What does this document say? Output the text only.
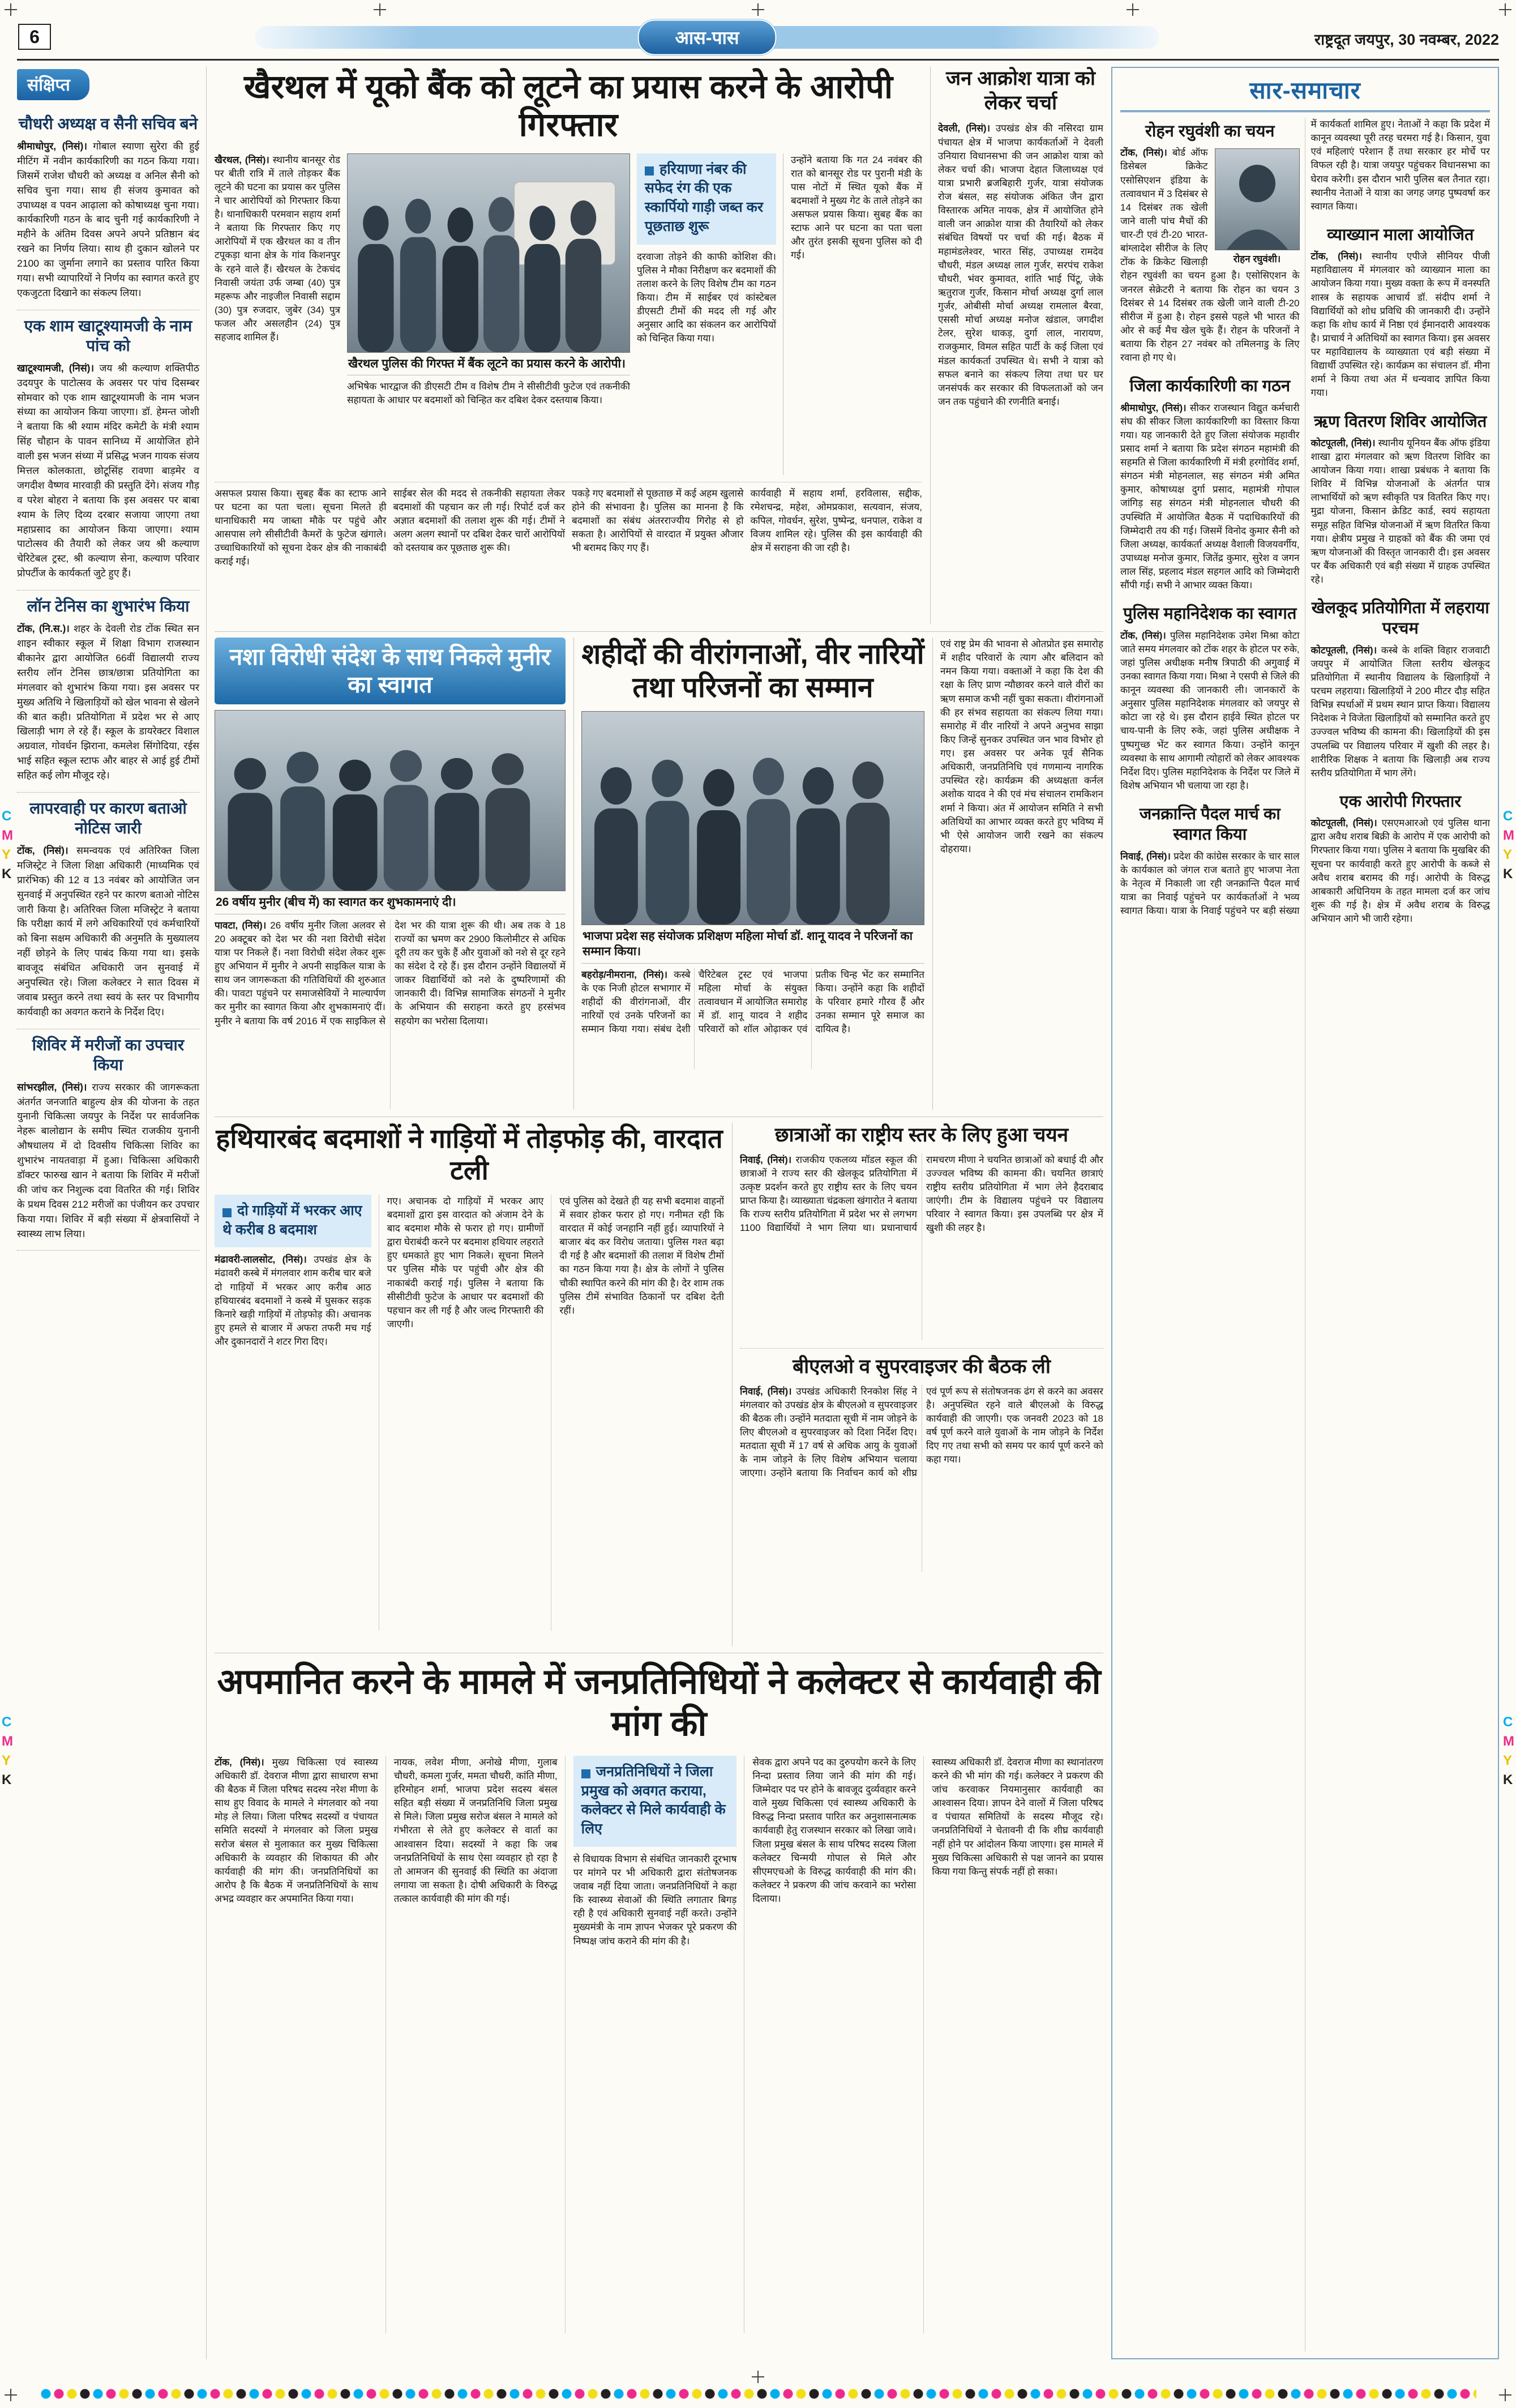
6	आस-पास	राष्ट्रदूत जयपुर, 30 नवम्बर, 2022
संक्षिप्त
चौधरी अध्यक्ष व सैनी सचिव बने

श्रीमाधोपुर, (निसं)। गोबाल स्याणा सुरेरा की हुई मीटिंग में नवीन कार्यकारिणी का गठन किया गया। जिसमें राजेश चौधरी को अध्यक्ष व अनिल सैनी को सचिव चुना गया। साथ ही संजय कुमावत को उपाध्यक्ष व पवन आढ़ाला को कोषाध्यक्ष चुना गया। कार्यकारिणी गठन के बाद चुनी गई कार्यकारिणी ने महीने के अंतिम दिवस अपने अपने प्रतिष्ठान बंद रखने का निर्णय लिया। साथ ही दुकान खोलने पर 2100 का जुर्माना लगाने का प्रस्ताव पारित किया गया। सभी व्यापारियों ने निर्णय का स्वागत करते हुए एकजुटता दिखाने का संकल्प लिया।

एक शाम खाटूश्यामजी के नाम पांच को

खाटूश्यामजी, (निसं)। जय श्री कल्याण शक्तिपीठ उदयपुर के पाटोत्सव के अवसर पर पांच दिसम्बर सोमवार को एक शाम खाटूश्यामजी के नाम भजन संध्या का आयोजन किया जाएगा। डॉ. हेमन्त जोशी ने बताया कि श्री श्याम मंदिर कमेटी के मंत्री श्याम सिंह चौहान के पावन सानिध्य में आयोजित होने वाली इस भजन संध्या में प्रसिद्ध भजन गायक संजय मित्तल कोलकाता, छोटूसिंह रावणा बाड़मेर व जगदीश वैष्णव मारवाड़ी की प्रस्तुति देंगे। संजय गौड़ व परेश बोहरा ने बताया कि इस अवसर पर बाबा श्याम के लिए दिव्य दरबार सजाया जाएगा तथा महाप्रसाद का आयोजन किया जाएगा। श्याम पाटोत्सव की तैयारी को लेकर जय श्री कल्याण चेरिटेबल ट्रस्ट, श्री कल्याण सेना, कल्याण परिवार प्रोपर्टीज के कार्यकर्ता जुटे हुए हैं।

लॉन टेनिस का शुभारंभ किया

टोंक, (नि.स.)। शहर के देवली रोड टोंक स्थित सन शाइन स्वीकार स्कूल में शिक्षा विभाग राजस्थान बीकानेर द्वारा आयोजित 66वीं विद्यालयी राज्य स्तरीय लॉन टेनिस छात्र/छात्रा प्रतियोगिता का मंगलवार को शुभारंभ किया गया। इस अवसर पर मुख्य अतिथि ने खिलाड़ियों को खेल भावना से खेलने की बात कही। प्रतियोगिता में प्रदेश भर से आए खिलाड़ी भाग ले रहे हैं। स्कूल के डायरेक्टर विशाल अग्रवाल, गोवर्धन झिराना, कमलेश सिंगोदिया, रईस भाई सहित स्कूल स्टाफ और बाहर से आई हुई टीमों सहित कई लोग मौजूद रहे।

लापरवाही पर कारण बताओ नोटिस जारी

टोंक, (निसं)। समन्वयक एवं अतिरिक्त जिला मजिस्ट्रेट ने जिला शिक्षा अधिकारी (माध्यमिक एवं प्रारंभिक) की 12 व 13 नवंबर को आयोजित जन सुनवाई में अनुपस्थित रहने पर कारण बताओ नोटिस जारी किया है। अतिरिक्त जिला मजिस्ट्रेट ने बताया कि परीक्षा कार्य में लगे अधिकारियों एवं कर्मचारियों को बिना सक्षम अधिकारी की अनुमति के मुख्यालय नहीं छोड़ने के लिए पाबंद किया गया था। इसके बावजूद संबंधित अधिकारी जन सुनवाई में अनुपस्थित रहे। जिला कलेक्टर ने सात दिवस में जवाब प्रस्तुत करने तथा स्वयं के स्तर पर विभागीय कार्यवाही का अवगत कराने के निर्देश दिए।

शिविर में मरीजों का उपचार किया

सांभरझील, (निसं)। राज्य सरकार की जागरूकता अंतर्गत जनजाति बाहुल्य क्षेत्र की योजना के तहत युनानी चिकित्सा जयपुर के निर्देश पर सार्वजनिक नेहरू बालोद्यान के समीप स्थित राजकीय युनानी औषधालय में दो दिवसीय चिकित्सा शिविर का शुभारंभ नायतवाड़ा में हुआ। चिकित्सा अधिकारी डॉक्टर फारुख खान ने बताया कि शिविर में मरीजों की जांच कर निशुल्क दवा वितरित की गई। शिविर के प्रथम दिवस 212 मरीजों का पंजीयन कर उपचार किया गया। शिविर में बड़ी संख्या में क्षेत्रवासियों ने स्वास्थ्य लाभ लिया।

खैरथल में यूको बैंक को लूटने का प्रयास करने के आरोपी गिरफ्तार
खैरथल, (निसं)। स्थानीय बानसूर रोड पर बीती रात्रि में ताले तोड़कर बैंक लूटने की घटना का प्रयास कर पुलिस ने चार आरोपियों को गिरफ्तार किया है। थानाधिकारी परमवान सहाय शर्मा ने बताया कि गिरफ्तार किए गए आरोपियों में एक खैरथल का व तीन टपूकड़ा थाना क्षेत्र के गांव किशनपुर के रहने वाले हैं। खैरथल के टेकचंद निवासी जयंता उर्फ जम्बा (40) पुत्र महरूफ और नाइजील निवासी सद्दाम (30) पुत्र रुजदार, जुबेर (34) पुत्र फजल और असलहीन (24) पुत्र सहजाद शामिल हैं।
खैरथल पुलिस की गिरफ्त में बैंक लूटने का प्रयास करने के आरोपी।

अभिषेक भारद्वाज की डीएसटी टीम व विशेष टीम ने सीसीटीवी फुटेज एवं तकनीकी सहायता के आधार पर बदमाशों को चिन्हित कर दबिश देकर दस्तयाब किया।

हरियाणा नंबर की सफेद रंग की एक स्कार्पियो गाड़ी जब्त कर पूछताछ शुरू

दरवाजा तोड़ने की काफी कोशिश की। पुलिस ने मौका निरीक्षण कर बदमाशों की तलाश करने के लिए विशेष टीम का गठन किया। टीम में साईबर एवं कांस्टेबल डीएसटी टीमों की मदद ली गई और अनुसार आदि का संकलन कर आरोपियों को चिन्हित किया गया।

उन्होंने बताया कि गत 24 नवंबर की रात को बानसूर रोड पर पुरानी मंडी के पास नोटों में स्थित यूको बैंक में बदमाशों ने मुख्य गेट के ताले तोड़ने का असफल प्रयास किया। सुबह बैंक का स्टाफ आने पर घटना का पता चला और तुरंत इसकी सूचना पुलिस को दी गई।
असफल प्रयास किया। सुबह बैंक का स्टाफ आने पर घटना का पता चला। सूचना मिलते ही थानाधिकारी मय जाब्ता मौके पर पहुंचे और आसपास लगे सीसीटीवी कैमरों के फुटेज खंगाले। उच्चाधिकारियों को सूचना देकर क्षेत्र की नाकाबंदी कराई गई।
साईबर सेल की मदद से तकनीकी सहायता लेकर बदमाशों की पहचान कर ली गई। रिपोर्ट दर्ज कर अज्ञात बदमाशों की तलाश शुरू की गई। टीमों ने अलग अलग स्थानों पर दबिश देकर चारों आरोपियों को दस्तयाब कर पूछताछ शुरू की।
पकड़े गए बदमाशों से पूछताछ में कई अहम खुलासे होने की संभावना है। पुलिस का मानना है कि बदमाशों का संबंध अंतरराज्यीय गिरोह से हो सकता है। आरोपियों से वारदात में प्रयुक्त औजार भी बरामद किए गए हैं।
कार्यवाही में सहाय शर्मा, हरविलास, सद्दीक, रमेशचन्द्र, महेश, ओमप्रकाश, सत्यवान, संजय, कपिल, गोवर्धन, सुरेश, पुष्पेन्द्र, धनपाल, राकेश व विजय शामिल रहे। पुलिस की इस कार्यवाही की क्षेत्र में सराहना की जा रही है।
जन आक्रोश यात्रा को लेकर चर्चा

देवली, (निसं)। उपखंड क्षेत्र की नसिरदा ग्राम पंचायत क्षेत्र में भाजपा कार्यकर्ताओं ने देवली उनियारा विधानसभा की जन आक्रोश यात्रा को लेकर चर्चा की। भाजपा देहात जिलाध्यक्ष एवं यात्रा प्रभारी ब्रजबिहारी गुर्जर, यात्रा संयोजक रोज बंसल, सह संयोजक अंकित जैन द्वारा विस्तारक अमित नायक, क्षेत्र में आयोजित होने वाली जन आक्रोश यात्रा की तैयारियों को लेकर संबंधित विषयों पर चर्चा की गई। बैठक में महामंडलेश्वर, भारत सिंह, उपाध्यक्ष रामदेव चौधरी, मंडल अध्यक्ष लाल गुर्जर, सरपंच राकेश चौधरी, भंवर कुमावत, शांति भाई पिंटू, जेके ऋतुराज गुर्जर, किसान मोर्चा अध्यक्ष दुर्गा लाल गुर्जर, ओबीसी मोर्चा अध्यक्ष रामलाल बैरवा, एससी मोर्चा अध्यक्ष मनोज खंडाल, जगदीश टेलर, सुरेश धाकड़, दुर्गा लाल, नारायण, राजकुमार, विमल सहित पार्टी के कई जिला एवं मंडल कार्यकर्ता उपस्थित थे। सभी ने यात्रा को सफल बनाने का संकल्प लिया तथा घर घर जनसंपर्क कर सरकार की विफलताओं को जन जन तक पहुंचाने की रणनीति बनाई।

नशा विरोधी संदेश के साथ निकले मुनीर का स्वागत
26 वर्षीय मुनीर (बीच में) का स्वागत कर शुभकामनाएं दी।
पावटा, (निसं)। 26 वर्षीय मुनीर जिला अलवर से 20 अक्टूबर को देश भर की नशा विरोधी संदेश यात्रा पर निकले हैं। नशा विरोधी संदेश लेकर शुरू हुए अभियान में मुनीर ने अपनी साइकिल यात्रा के साथ जन जागरूकता की गतिविधियों की शुरुआत की। पावटा पहुंचने पर समाजसेवियों ने माल्यार्पण कर मुनीर का स्वागत किया और शुभकामनाएं दीं। मुनीर ने बताया कि वर्ष 2016 में एक साइकिल से देश भर की यात्रा शुरू की थी। अब तक वे 18 राज्यों का भ्रमण कर 2900 किलोमीटर से अधिक दूरी तय कर चुके हैं और युवाओं को नशे से दूर रहने का संदेश दे रहे हैं। इस दौरान उन्होंने विद्यालयों में जाकर विद्यार्थियों को नशे के दुष्परिणामों की जानकारी दी। विभिन्न सामाजिक संगठनों ने मुनीर के अभियान की सराहना करते हुए हरसंभव सहयोग का भरोसा दिलाया।
शहीदों की वीरांगनाओं, वीर नारियों तथा परिजनों का सम्मान
भाजपा प्रदेश सह संयोजक प्रशिक्षण महिला मोर्चा डॉ. शानू यादव ने परिजनों का सम्मान किया।
बहरोड़/नीमराना, (निसं)। कस्बे के एक निजी होटल सभागार में शहीदों की वीरांगनाओं, वीर नारियों एवं उनके परिजनों का सम्मान किया गया। संबंध देशी चैरिटेबल ट्रस्ट एवं भाजपा महिला मोर्चा के संयुक्त तत्वावधान में आयोजित समारोह में डॉ. शानू यादव ने शहीद परिवारों को शॉल ओढ़ाकर एवं प्रतीक चिन्ह भेंट कर सम्मानित किया। उन्होंने कहा कि शहीदों के परिवार हमारे गौरव हैं और उनका सम्मान पूरे समाज का दायित्व है।
एवं राष्ट्र प्रेम की भावना से ओतप्रोत इस समारोह में शहीद परिवारों के त्याग और बलिदान को नमन किया गया। वक्ताओं ने कहा कि देश की रक्षा के लिए प्राण न्यौछावर करने वाले वीरों का ऋण समाज कभी नहीं चुका सकता। वीरांगनाओं की हर संभव सहायता का संकल्प लिया गया। समारोह में वीर नारियों ने अपने अनुभव साझा किए जिन्हें सुनकर उपस्थित जन भाव विभोर हो गए। इस अवसर पर अनेक पूर्व सैनिक अधिकारी, जनप्रतिनिधि एवं गणमान्य नागरिक उपस्थित रहे। कार्यक्रम की अध्यक्षता कर्नल अशोक यादव ने की एवं मंच संचालन रामकिशन शर्मा ने किया। अंत में आयोजन समिति ने सभी अतिथियों का आभार व्यक्त करते हुए भविष्य में भी ऐसे आयोजन जारी रखने का संकल्प दोहराया।
हथियारबंद बदमाशों ने गाड़ियों में तोड़फोड़ की, वारदात टली
दो गाड़ियों में भरकर आए थे करीब 8 बदमाश

मंढावरी-लालसोट, (निसं)। उपखंड क्षेत्र के मंढावरी कस्बे में मंगलवार शाम करीब चार बजे दो गाड़ियों में भरकर आए करीब आठ हथियारबंद बदमाशों ने कस्बे में घुसकर सड़क किनारे खड़ी गाड़ियों में तोड़फोड़ की। अचानक हुए हमले से बाजार में अफरा तफरी मच गई और दुकानदारों ने शटर गिरा दिए।

गए। अचानक दो गाड़ियों में भरकर आए बदमाशों द्वारा इस वारदात को अंजाम देने के बाद बदमाश मौके से फरार हो गए। ग्रामीणों द्वारा घेराबंदी करने पर बदमाश हथियार लहराते हुए धमकाते हुए भाग निकले। सूचना मिलने पर पुलिस मौके पर पहुंची और क्षेत्र की नाकाबंदी कराई गई। पुलिस ने बताया कि सीसीटीवी फुटेज के आधार पर बदमाशों की पहचान कर ली गई है और जल्द गिरफ्तारी की जाएगी।
एवं पुलिस को देखते ही यह सभी बदमाश वाहनों में सवार होकर फरार हो गए। गनीमत रही कि वारदात में कोई जनहानि नहीं हुई। व्यापारियों ने बाजार बंद कर विरोध जताया। पुलिस गश्त बढ़ा दी गई है और बदमाशों की तलाश में विशेष टीमों का गठन किया गया है। क्षेत्र के लोगों ने पुलिस चौकी स्थापित करने की मांग की है। देर शाम तक पुलिस टीमें संभावित ठिकानों पर दबिश देती रहीं।
छात्राओं का राष्ट्रीय स्तर के लिए हुआ चयन
निवाई, (निसं)। राजकीय एकलव्य मॉडल स्कूल की छात्राओं ने राज्य स्तर की खेलकूद प्रतियोगिता में उत्कृष्ट प्रदर्शन करते हुए राष्ट्रीय स्तर के लिए चयन प्राप्त किया है। व्याख्याता चंद्रकला खंगारोत ने बताया कि राज्य स्तरीय प्रतियोगिता में प्रदेश भर से लगभग 1100 विद्यार्थियों ने भाग लिया था। प्रधानाचार्य रामचरण मीणा ने चयनित छात्राओं को बधाई दी और उज्ज्वल भविष्य की कामना की। चयनित छात्राएं राष्ट्रीय स्तरीय प्रतियोगिता में भाग लेने हैदराबाद जाएंगी। टीम के विद्यालय पहुंचने पर विद्यालय परिवार ने स्वागत किया। इस उपलब्धि पर क्षेत्र में खुशी की लहर है।
बीएलओ व सुपरवाइजर की बैठक ली
निवाई, (निसं)। उपखंड अधिकारी रिनकोश सिंह ने मंगलवार को उपखंड क्षेत्र के बीएलओ व सुपरवाइजर की बैठक ली। उन्होंने मतदाता सूची में नाम जोड़ने के लिए बीएलओ व सुपरवाइजर को दिशा निर्देश दिए। मतदाता सूची में 17 वर्ष से अधिक आयु के युवाओं के नाम जोड़ने के लिए विशेष अभियान चलाया जाएगा। उन्होंने बताया कि निर्वाचन कार्य को शीघ्र एवं पूर्ण रूप से संतोषजनक ढंग से करने का अवसर है। अनुपस्थित रहने वाले बीएलओ के विरुद्ध कार्यवाही की जाएगी। एक जनवरी 2023 को 18 वर्ष पूर्ण करने वाले युवाओं के नाम जोड़ने के निर्देश दिए गए तथा सभी को समय पर कार्य पूर्ण करने को कहा गया।
अपमानित करने के मामले में जनप्रतिनिधियों ने कलेक्टर से कार्यवाही की मांग की
टोंक, (निसं)। मुख्य चिकित्सा एवं स्वास्थ्य अधिकारी डॉ. देवराज मीणा द्वारा साधारण सभा की बैठक में जिला परिषद सदस्य नरेश मीणा के साथ हुए विवाद के मामले ने मंगलवार को नया मोड़ ले लिया। जिला परिषद सदस्यों व पंचायत समिति सदस्यों ने मंगलवार को जिला प्रमुख सरोज बंसल से मुलाकात कर मुख्य चिकित्सा अधिकारी के व्यवहार की शिकायत की और कार्यवाही की मांग की। जनप्रतिनिधियों का आरोप है कि बैठक में जनप्रतिनिधियों के साथ अभद्र व्यवहार कर अपमानित किया गया।
नायक, लवेश मीणा, अनोखे मीणा, गुलाब चौधरी, कमला गुर्जर, ममता चौधरी, कांति मीणा, हरिमोहन शर्मा, भाजपा प्रदेश सदस्य बंसल सहित बड़ी संख्या में जनप्रतिनिधि जिला प्रमुख से मिले। जिला प्रमुख सरोज बंसल ने मामले को गंभीरता से लेते हुए कलेक्टर से वार्ता का आश्वासन दिया। सदस्यों ने कहा कि जब जनप्रतिनिधियों के साथ ऐसा व्यवहार हो रहा है तो आमजन की सुनवाई की स्थिति का अंदाजा लगाया जा सकता है। दोषी अधिकारी के विरुद्ध तत्काल कार्यवाही की मांग की गई।
जनप्रतिनिधियों ने जिला प्रमुख को अवगत कराया, कलेक्टर से मिले कार्यवाही के लिए

से विधायक विभाग से संबंधित जानकारी दूरभाष पर मांगने पर भी अधिकारी द्वारा संतोषजनक जवाब नहीं दिया जाता। जनप्रतिनिधियों ने कहा कि स्वास्थ्य सेवाओं की स्थिति लगातार बिगड़ रही है एवं अधिकारी सुनवाई नहीं करते। उन्होंने मुख्यमंत्री के नाम ज्ञापन भेजकर पूरे प्रकरण की निष्पक्ष जांच कराने की मांग की है।

सेवक द्वारा अपने पद का दुरुपयोग करने के लिए निन्दा प्रस्ताव लिया जाने की मांग की गई। जिम्मेदार पद पर होने के बावजूद दुर्व्यवहार करने वाले मुख्य चिकित्सा एवं स्वास्थ्य अधिकारी के विरुद्ध निन्दा प्रस्ताव पारित कर अनुशासनात्मक कार्यवाही हेतु राजस्थान सरकार को लिखा जावे। जिला प्रमुख बंसल के साथ परिषद सदस्य जिला कलेक्टर चिन्मयी गोपाल से मिले और सीएमएचओ के विरुद्ध कार्यवाही की मांग की। कलेक्टर ने प्रकरण की जांच करवाने का भरोसा दिलाया।
स्वास्थ्य अधिकारी डॉ. देवराज मीणा का स्थानांतरण करने की भी मांग की गई। कलेक्टर ने प्रकरण की जांच करवाकर नियमानुसार कार्यवाही का आश्वासन दिया। ज्ञापन देने वालों में जिला परिषद व पंचायत समितियों के सदस्य मौजूद रहे। जनप्रतिनिधियों ने चेतावनी दी कि शीघ्र कार्यवाही नहीं होने पर आंदोलन किया जाएगा। इस मामले में मुख्य चिकित्सा अधिकारी से पक्ष जानने का प्रयास किया गया किन्तु संपर्क नहीं हो सका।
सार-समाचार
रोहन रघुवंशी का चयन
रोहन रघुवंशी।

टोंक, (निसं)। बोर्ड ऑफ डिसेबल क्रिकेट एसोसिएशन इंडिया के तत्वावधान में 3 दिसंबर से 14 दिसंबर तक खेली जाने वाली पांच मैचों की चार-टी एवं टी-20 भारत-बांग्लादेश सीरीज के लिए टोंक के क्रिकेट खिलाड़ी रोहन रघुवंशी का चयन हुआ है। एसोसिएशन के जनरल सेक्रेटरी ने बताया कि रोहन का चयन 3 दिसंबर से 14 दिसंबर तक खेली जाने वाली टी-20 सीरीज में हुआ है। रोहन इससे पहले भी भारत की ओर से कई मैच खेल चुके हैं। रोहन के परिजनों ने बताया कि रोहन 27 नवंबर को तमिलनाडु के लिए रवाना हो गए थे।

जिला कार्यकारिणी का गठन

श्रीमाधोपुर, (निसं)। सीकर राजस्थान विद्युत कर्मचारी संघ की सीकर जिला कार्यकारिणी का विस्तार किया गया। यह जानकारी देते हुए जिला संयोजक महावीर प्रसाद शर्मा ने बताया कि प्रदेश संगठन महामंत्री की सहमति से जिला कार्यकारिणी में मंत्री हरगोविंद शर्मा, संगठन मंत्री मोहनलाल, सह संगठन मंत्री अमित कुमार, कोषाध्यक्ष दुर्गा प्रसाद, महामंत्री गोपाल जांगिड़ सह संगठन मंत्री मोहनलाल चौधरी की उपस्थिति में आयोजित बैठक में पदाधिकारियों की जिम्मेदारी तय की गई। जिसमें विनोद कुमार सैनी को जिला अध्यक्ष, कार्यकर्ता अध्यक्ष वैशाली विजयवर्गीय, उपाध्यक्ष मनोज कुमार, जितेंद्र कुमार, सुरेश व जगन लाल सिंह, प्रहलाद मंडल सहगल आदि को जिम्मेदारी सौंपी गई। सभी ने आभार व्यक्त किया।

पुलिस महानिदेशक का स्वागत

टोंक, (निसं)। पुलिस महानिदेशक उमेश मिश्रा कोटा जाते समय मंगलवार को टोंक शहर के होटल पर रुके, जहां पुलिस अधीक्षक मनीष त्रिपाठी की अगुवाई में उनका स्वागत किया गया। मिश्रा ने एसपी से जिले की कानून व्यवस्था की जानकारी ली। जानकारों के अनुसार पुलिस महानिदेशक मंगलवार को जयपुर से कोटा जा रहे थे। इस दौरान हाईवे स्थित होटल पर चाय-पानी के लिए रुके, जहां पुलिस अधीक्षक ने पुष्पगुच्छ भेंट कर स्वागत किया। उन्होंने कानून व्यवस्था के साथ आगामी त्योहारों को लेकर आवश्यक निर्देश दिए। पुलिस महानिदेशक के निर्देश पर जिले में विशेष अभियान भी चलाया जा रहा है।

जनक्रान्ति पैदल मार्च का स्वागत किया

निवाई, (निसं)। प्रदेश की कांग्रेस सरकार के चार साल के कार्यकाल को जंगल राज बताते हुए भाजपा नेता के नेतृत्व में निकाली जा रही जनक्रान्ति पैदल मार्च यात्रा का निवाई पहुंचने पर कार्यकर्ताओं ने भव्य स्वागत किया। यात्रा के निवाई पहुंचने पर बड़ी संख्या में कार्यकर्ता शामिल हुए। नेताओं ने कहा कि प्रदेश में कानून व्यवस्था पूरी तरह चरमरा गई है। किसान, युवा एवं महिलाएं परेशान हैं तथा सरकार हर मोर्चे पर विफल रही है। यात्रा जयपुर पहुंचकर विधानसभा का घेराव करेगी। इस दौरान भारी पुलिस बल तैनात रहा। स्थानीय नेताओं ने यात्रा का जगह जगह पुष्पवर्षा कर स्वागत किया।

व्याख्यान माला आयोजित

टोंक, (निसं)। स्थानीय एपीजे सीनियर पीजी महाविद्यालय में मंगलवार को व्याख्यान माला का आयोजन किया गया। मुख्य वक्ता के रूप में वनस्पति शास्त्र के सहायक आचार्य डॉ. संदीप शर्मा ने विद्यार्थियों को शोध प्रविधि की जानकारी दी। उन्होंने कहा कि शोध कार्य में निष्ठा एवं ईमानदारी आवश्यक है। प्राचार्य ने अतिथियों का स्वागत किया। इस अवसर पर महाविद्यालय के व्याख्याता एवं बड़ी संख्या में विद्यार्थी उपस्थित रहे। कार्यक्रम का संचालन डॉ. मीना शर्मा ने किया तथा अंत में धन्यवाद ज्ञापित किया गया।

ऋण वितरण शिविर आयोजित

कोटपूतली, (निसं)। स्थानीय यूनियन बैंक ऑफ इंडिया शाखा द्वारा मंगलवार को ऋण वितरण शिविर का आयोजन किया गया। शाखा प्रबंधक ने बताया कि शिविर में विभिन्न योजनाओं के अंतर्गत पात्र लाभार्थियों को ऋण स्वीकृति पत्र वितरित किए गए। मुद्रा योजना, किसान क्रेडिट कार्ड, स्वयं सहायता समूह सहित विभिन्न योजनाओं में ऋण वितरित किया गया। क्षेत्रीय प्रमुख ने ग्राहकों को बैंक की जमा एवं ऋण योजनाओं की विस्तृत जानकारी दी। इस अवसर पर बैंक अधिकारी एवं बड़ी संख्या में ग्राहक उपस्थित रहे।

खेलकूद प्रतियोगिता में लहराया परचम

कोटपूतली, (निसं)। कस्बे के शक्ति विहार राजवाटी जयपुर में आयोजित जिला स्तरीय खेलकूद प्रतियोगिता में स्थानीय विद्यालय के खिलाड़ियों ने परचम लहराया। खिलाड़ियों ने 200 मीटर दौड़ सहित विभिन्न स्पर्धाओं में प्रथम स्थान प्राप्त किया। विद्यालय निदेशक ने विजेता खिलाड़ियों को सम्मानित करते हुए उज्ज्वल भविष्य की कामना की। खिलाड़ियों की इस उपलब्धि पर विद्यालय परिवार में खुशी की लहर है। शारीरिक शिक्षक ने बताया कि खिलाड़ी अब राज्य स्तरीय प्रतियोगिता में भाग लेंगे।

एक आरोपी गिरफ्तार

कोटपूतली, (निसं)। एसएमआरओ एवं पुलिस थाना द्वारा अवैध शराब बिक्री के आरोप में एक आरोपी को गिरफ्तार किया गया। पुलिस ने बताया कि मुखबिर की सूचना पर कार्यवाही करते हुए आरोपी के कब्जे से अवैध शराब बरामद की गई। आरोपी के विरुद्ध आबकारी अधिनियम के तहत मामला दर्ज कर जांच शुरू की गई है। क्षेत्र में अवैध शराब के विरुद्ध अभियान आगे भी जारी रहेगा।

C
M
Y
K
C
M
Y
K
C
M
Y
K
C
M
Y
K
